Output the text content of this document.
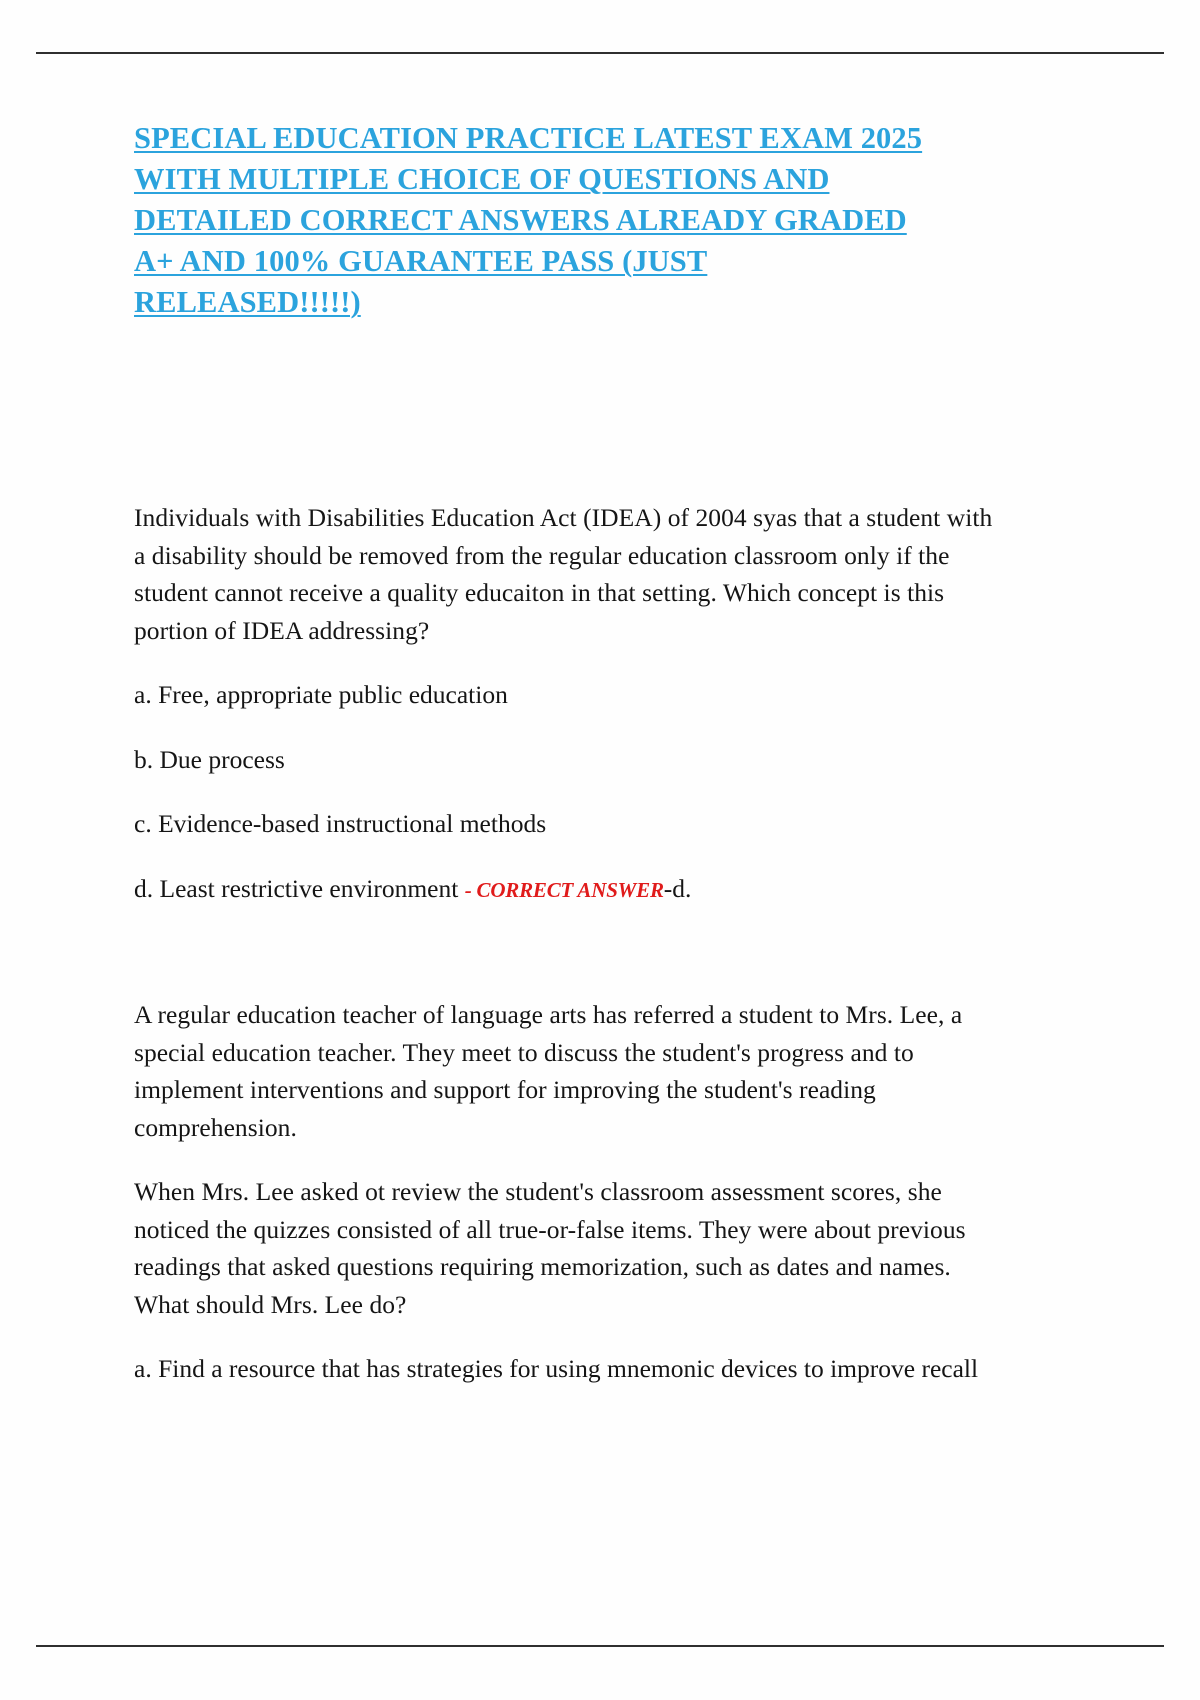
SPECIAL EDUCATION PRACTICE LATEST EXAM 2025 WITH MULTIPLE CHOICE OF QUESTIONS AND DETAILED CORRECT ANSWERS ALREADY GRADED A+ AND 100% GUARANTEE PASS (JUST RELEASED!!!!!)

Individuals with Disabilities Education Act (IDEA) of 2004 syas that a student with a disability should be removed from the regular education classroom only if the student cannot receive a quality educaiton in that setting. Which concept is this portion of IDEA addressing?

a. Free, appropriate public education

b. Due process

c. Evidence-based instructional methods

d. Least restrictive environment - CORRECT ANSWER-d.

A regular education teacher of language arts has referred a student to Mrs. Lee, a special education teacher. They meet to discuss the student's progress and to implement interventions and support for improving the student's reading comprehension.

When Mrs. Lee asked ot review the student's classroom assessment scores, she noticed the quizzes consisted of all true-or-false items. They were about previous readings that asked questions requiring memorization, such as dates and names. What should Mrs. Lee do?

a. Find a resource that has strategies for using mnemonic devices to improve recall
